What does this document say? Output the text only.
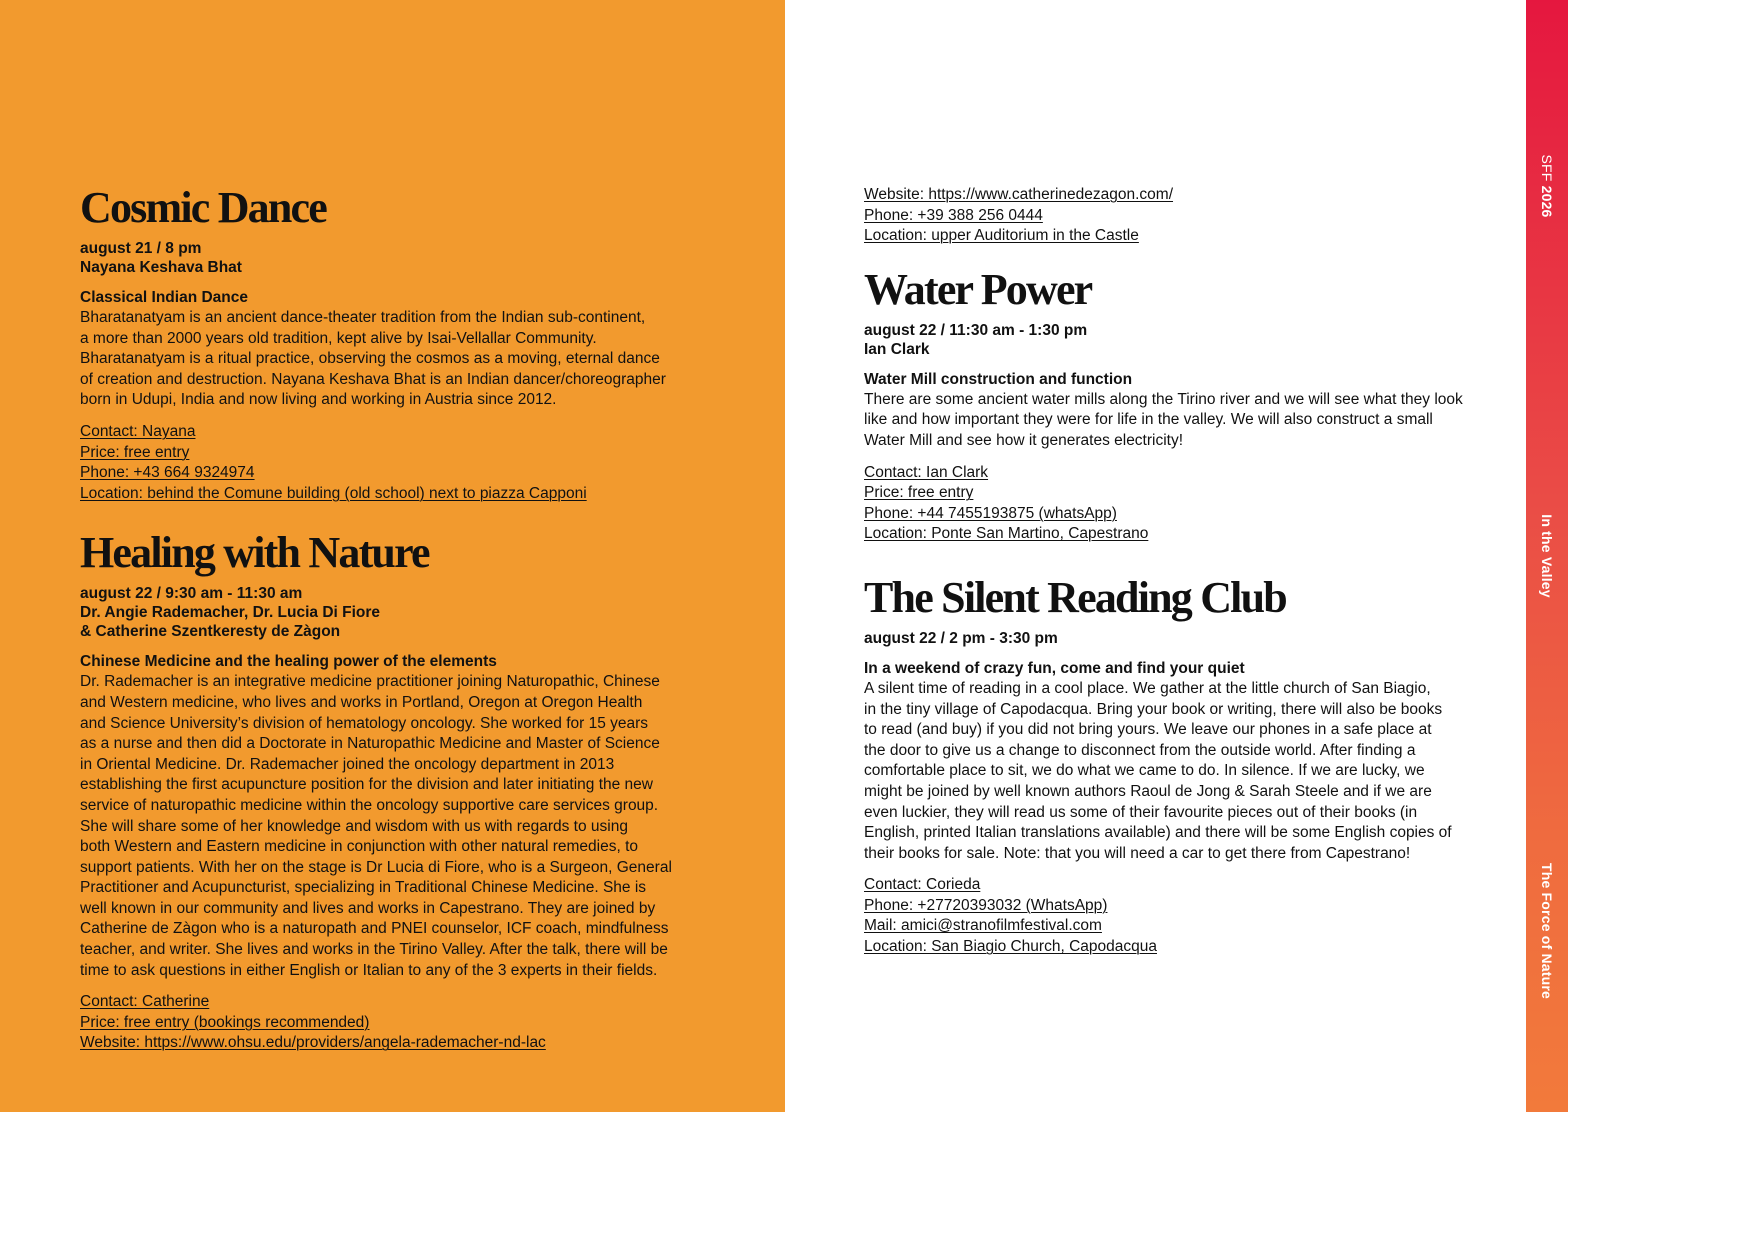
SFF 2026
In the Valley
The Force of Nature
Cosmic Dance

august 21 / 8 pm

Nayana Keshava Bhat

Classical Indian Dance

Bharatanatyam is an ancient dance-theater tradition from the Indian sub-continent,

a more than 2000 years old tradition, kept alive by Isai-Vellallar Community.

Bharatanatyam is a ritual practice, observing the cosmos as a moving, eternal dance

of creation and destruction. Nayana Keshava Bhat is an Indian dancer/choreographer

born in Udupi, India and now living and working in Austria since 2012.

Contact: Nayana
Price: free entry
Phone: +43 664 9324974
Location: behind the Comune building (old school) next to piazza Capponi
Healing with Nature

august 22 / 9:30 am - 11:30 am

Dr. Angie Rademacher, Dr. Lucia Di Fiore

& Catherine Szentkeresty de Zàgon

Chinese Medicine and the healing power of the elements

Dr. Rademacher is an integrative medicine practitioner joining Naturopathic, Chinese

and Western medicine, who lives and works in Portland, Oregon at Oregon Health

and Science University’s division of hematology oncology. She worked for 15 years

as a nurse and then did a Doctorate in Naturopathic Medicine and Master of Science

in Oriental Medicine. Dr. Rademacher joined the oncology department in 2013

establishing the first acupuncture position for the division and later initiating the new

service of naturopathic medicine within the oncology supportive care services group.

She will share some of her knowledge and wisdom with us with regards to using

both Western and Eastern medicine in conjunction with other natural remedies, to

support patients. With her on the stage is Dr Lucia di Fiore, who is a Surgeon, General

Practitioner and Acupuncturist, specializing in Traditional Chinese Medicine. She is

well known in our community and lives and works in Capestrano. They are joined by

Catherine de Zàgon who is a naturopath and PNEI counselor, ICF coach, mindfulness

teacher, and writer. She lives and works in the Tirino Valley. After the talk, there will be

time to ask questions in either English or Italian to any of the 3 experts in their fields.

Contact: Catherine
Price: free entry (bookings recommended)
Website: https://www.ohsu.edu/providers/angela-rademacher-nd-lac
Website: https://www.catherinedezagon.com/
Phone: +39 388 256 0444
Location: upper Auditorium in the Castle
Water Power

august 22 / 11:30 am - 1:30 pm

Ian Clark

Water Mill construction and function

There are some ancient water mills along the Tirino river and we will see what they look

like and how important they were for life in the valley. We will also construct a small

Water Mill and see how it generates electricity!

Contact: Ian Clark
Price: free entry
Phone: +44 7455193875 (whatsApp)
Location: Ponte San Martino, Capestrano
The Silent Reading Club

august 22 / 2 pm - 3:30 pm

In a weekend of crazy fun, come and find your quiet

A silent time of reading in a cool place. We gather at the little church of San Biagio,

in the tiny village of Capodacqua. Bring your book or writing, there will also be books

to read (and buy) if you did not bring yours. We leave our phones in a safe place at

the door to give us a change to disconnect from the outside world. After finding a

comfortable place to sit, we do what we came to do. In silence. If we are lucky, we

might be joined by well known authors Raoul de Jong & Sarah Steele and if we are

even luckier, they will read us some of their favourite pieces out of their books (in

English, printed Italian translations available) and there will be some English copies of

their books for sale. Note: that you will need a car to get there from Capestrano!

Contact: Corieda
Phone: +27720393032 (WhatsApp)
Mail: amici@stranofilmfestival.com
Location: San Biagio Church, Capodacqua
